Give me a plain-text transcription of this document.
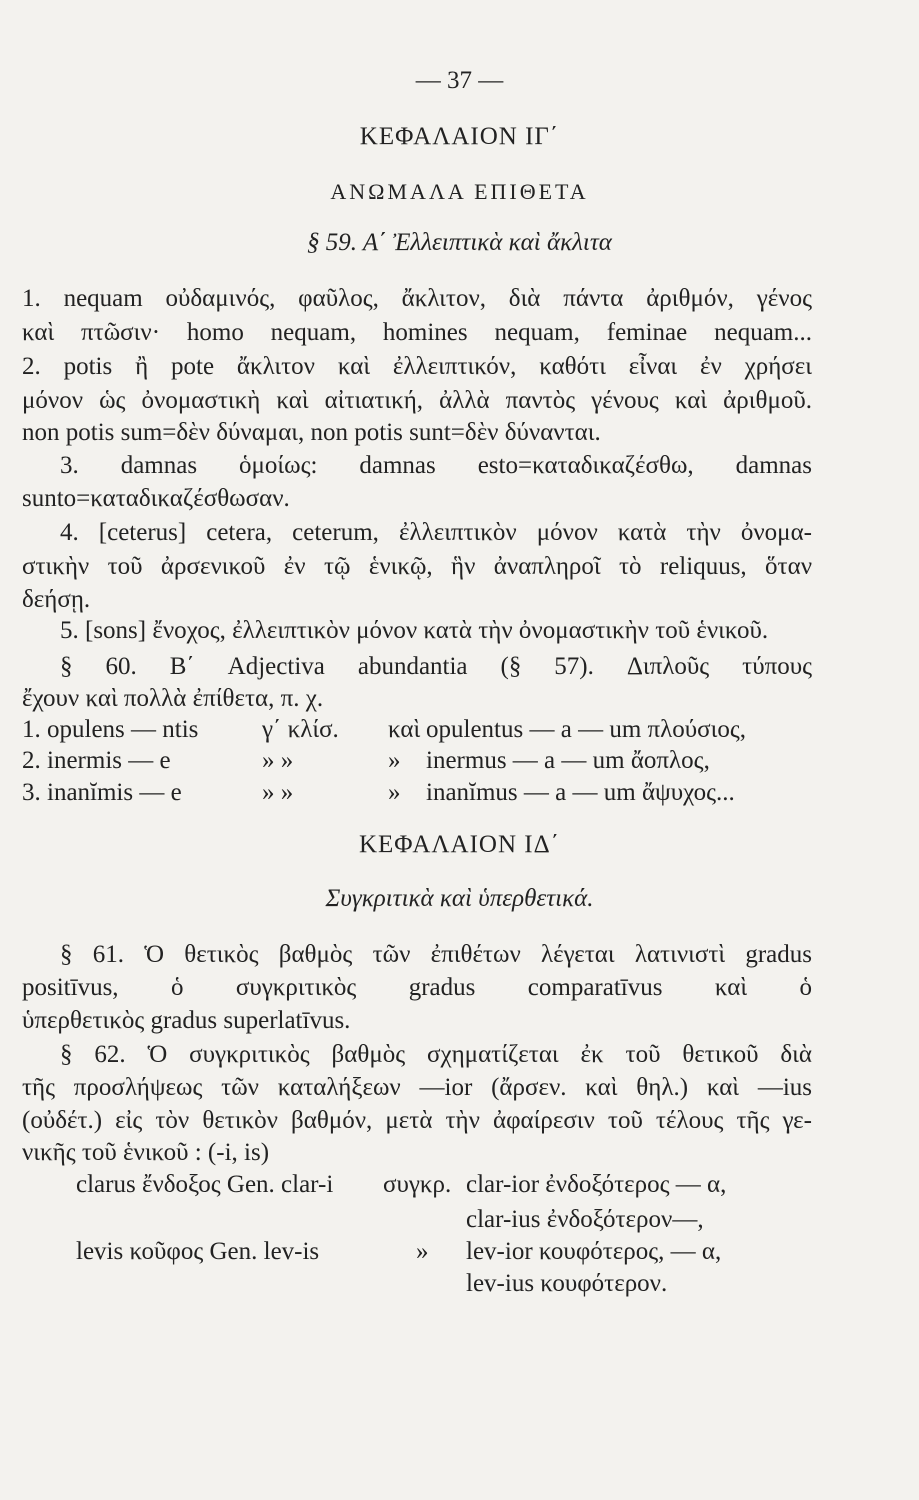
— 37 —
ΚΕΦΑΛΑΙΟΝ ΙΓ΄
ΑΝΩΜΑΛΑ ΕΠΙΘΕΤΑ
§ 59. Α΄ Ἐλλειπτικὰ καὶ ἄκλιτα
1. nequam οὐδαμινός, φαῦλος, ἄκλιτον, διὰ πάντα ἀριθμόν, γένος
καὶ πτῶσιν· homo nequam, homines nequam, feminae nequam...
2. potis ἢ pote ἄκλιτον καὶ ἐλλειπτικόν, καθότι εἶναι ἐν χρήσει
μόνον ὡς ὀνομαστικὴ καὶ αἰτιατική, ἀλλὰ παντὸς γένους καὶ ἀριθμοῦ.
non potis sum=δὲν δύναμαι, non potis sunt=δὲν δύνανται.
3. damnas ὁμοίως: damnas esto=καταδικαζέσθω, damnas
sunto=καταδικαζέσθωσαν.
4. [ceterus] cetera, ceterum, ἐλλειπτικὸν μόνον κατὰ τὴν ὀνομα-
στικὴν τοῦ ἀρσενικοῦ ἐν τῷ ἑνικῷ, ἣν ἀναπληροῖ τὸ reliquus, ὅταν
δεήσῃ.
5. [sons] ἔνοχος, ἐλλειπτικὸν μόνον κατὰ τὴν ὀνομαστικὴν τοῦ ἑνικοῦ.
§ 60. Β΄ Adjectiva abundantia (§ 57). Διπλοῦς τύπους
ἔχουν καὶ πολλὰ ἐπίθετα, π. χ.
1. opulens — ntis	γ΄ κλίσ. καὶ opulentus — a — um πλούσιος,
2. inermis — e	» »	» inermus — a — um ἄοπλος,
3. inanĭmis — e	» »	» inanĭmus — a — um ἄψυχος...
ΚΕΦΑΛΑΙΟΝ ΙΔ΄
Συγκριτικὰ καὶ ὑπερθετικά.
§ 61. Ὁ θετικὸς βαθμὸς τῶν ἐπιθέτων λέγεται λατινιστὶ gradus
positīvus, ὁ συγκριτικὸς gradus comparatīvus καὶ ὁ
ὑπερθετικὸς gradus superlatīvus.
§ 62. Ὁ συγκριτικὸς βαθμὸς σχηματίζεται ἐκ τοῦ θετικοῦ διὰ
τῆς προσλήψεως τῶν καταλήξεων —ior (ἄρσεν. καὶ θηλ.) καὶ —ius
(οὐδέτ.) εἰς τὸν θετικὸν βαθμόν, μετὰ τὴν ἀφαίρεσιν τοῦ τέλους τῆς γε-
νικῆς τοῦ ἑνικοῦ : (-i, is)
clarus ἔνδοξος Gen. clar-i συγκρ. clar-ior ἐνδοξότερος — α,
clar-ius ἐνδοξότερον—,
levis κοῦφος Gen. lev-is	» lev-ior κουφότερος, — α,
lev-ius κουφότερον.
